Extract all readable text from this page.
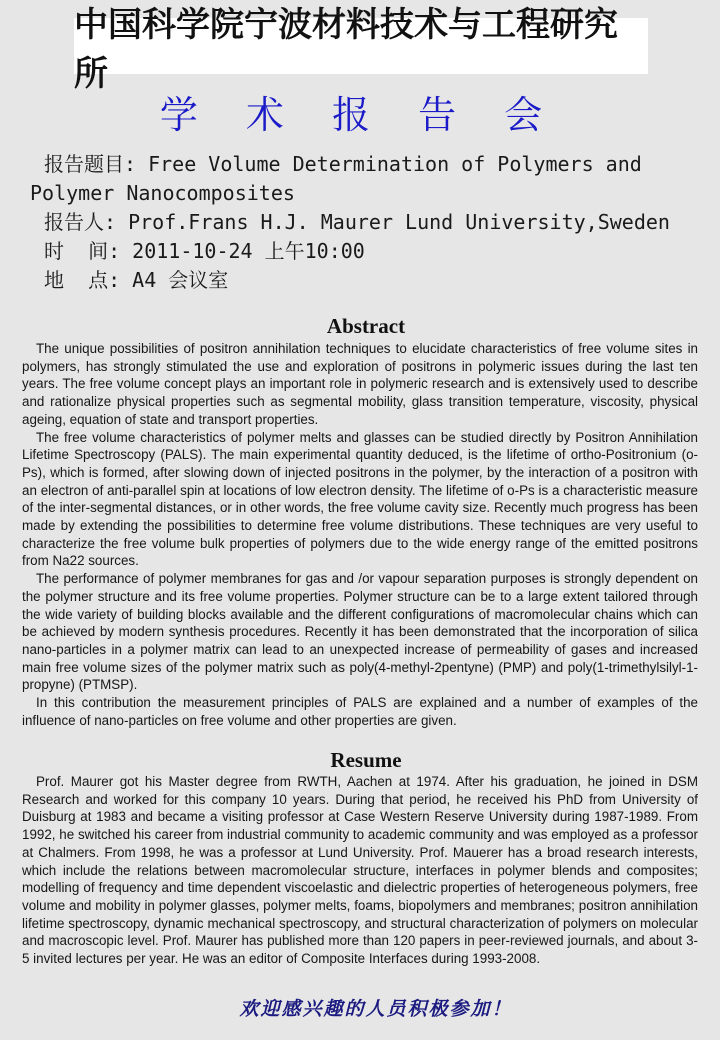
中国科学院宁波材料技术与工程研究所
学 术 报 告 会
报告题目: Free Volume Determination of Polymers and
Polymer Nanocomposites
报告人: Prof.Frans H.J. Maurer Lund University,Sweden
时  间: 2011-10-24 上午10:00
地  点: A4 会议室
Abstract

The unique possibilities of positron annihilation techniques to elucidate characteristics of free volume sites in polymers, has strongly stimulated the use and exploration of positrons in polymeric issues during the last ten years. The free volume concept plays an important role in polymeric research and is extensively used to describe and rationalize physical properties such as segmental mobility, glass transition temperature, viscosity, physical ageing, equation of state and transport properties.

The free volume characteristics of polymer melts and glasses can be studied directly by Positron Annihilation Lifetime Spectroscopy (PALS). The main experimental quantity deduced, is the lifetime of ortho-Positronium (o-Ps), which is formed, after slowing down of injected positrons in the polymer, by the interaction of a positron with an electron of anti-parallel spin at locations of low electron density. The lifetime of o-Ps is a characteristic measure of the inter-segmental distances, or in other words, the free volume cavity size. Recently much progress has been made by extending the possibilities to determine free volume distributions. These techniques are very useful to characterize the free volume bulk properties of polymers due to the wide energy range of the emitted positrons from Na22 sources.

The performance of polymer membranes for gas and /or vapour separation purposes is strongly dependent on the polymer structure and its free volume properties. Polymer structure can be to a large extent tailored through the wide variety of building blocks available and the different configurations of macromolecular chains which can be achieved by modern synthesis procedures. Recently it has been demonstrated that the incorporation of silica nano-particles in a polymer matrix can lead to an unexpected increase of permeability of gases and increased main free volume sizes of the polymer matrix such as poly(4-methyl-2pentyne) (PMP) and poly(1-trimethylsilyl-1-propyne) (PTMSP).

In this contribution the measurement principles of PALS are explained and a number of examples of the influence of nano-particles on free volume and other properties are given.

Resume

Prof. Maurer got his Master degree from RWTH, Aachen at 1974. After his graduation, he joined in DSM Research and worked for this company 10 years. During that period, he received his PhD from University of Duisburg at 1983 and became a visiting professor at Case Western Reserve University during 1987-1989. From 1992, he switched his career from industrial community to academic community and was employed as a professor at Chalmers. From 1998, he was a professor at Lund University. Prof. Mauerer has a broad research interests, which include the relations between macromolecular structure, interfaces in polymer blends and composites; modelling of frequency and time dependent viscoelastic and dielectric properties of heterogeneous polymers, free volume and mobility in polymer glasses, polymer melts, foams, biopolymers and membranes; positron annihilation lifetime spectroscopy, dynamic mechanical spectroscopy, and structural characterization of polymers on molecular and macroscopic level. Prof. Maurer has published more than 120 papers in peer-reviewed journals, and about 3-5 invited lectures per year. He was an editor of Composite Interfaces during 1993-2008.

欢迎感兴趣的人员积极参加！
